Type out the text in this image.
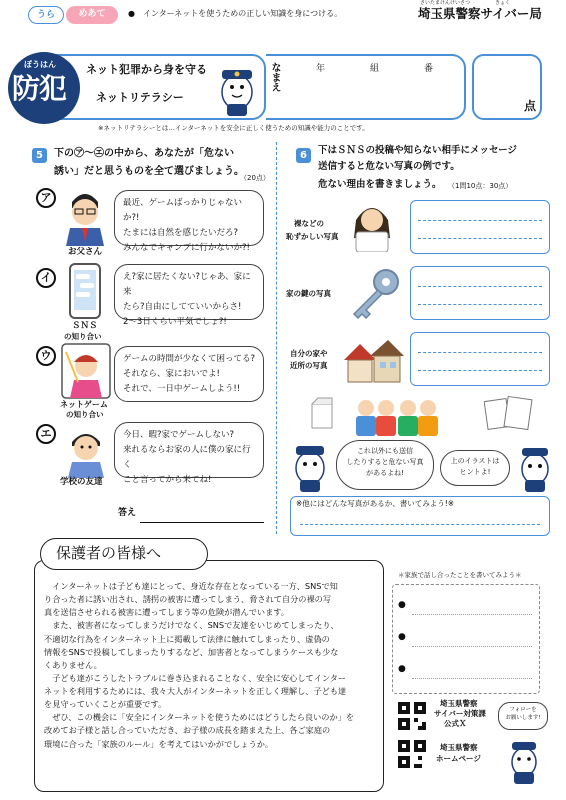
うら	めあて	●　インターネットを使うための正しい知識を身につける。
さいたまけんけいさつ　　　　　きょく
埼玉県警察サイバー局
ぼうはん
防犯
ネット犯罪から身を守る
ネットリテラシー
なまえ	年	組	番
点
※ネットリテラシーとは…インターネットを安全に正しく使うための知識や能力のことです。
5	下の㋐～㋓の中から、あなたが「危ない
誘い」だと思うものを全て選びましょう。
（20点）
ア
お父さん
最近、ゲームばっかりじゃないか?!
たまには自然を感じたいだろ?
みんなでキャンプに行かないか?!
イ
ＳＮＳ
の知り合い
え?家に居たくない?じゃあ、家に来
たら?自由にしてていいからさ!
2～3日くらい平気でしょ?!
ウ
ネットゲーム
の知り合い
ゲームの時間が少なくて困ってる?
それなら、家においでよ!
それで、一日中ゲームしよう!!
エ
学校の友達
今日、暇?家でゲームしない?
来れるならお家の人に僕の家に行く
こと言ってから来てね!
答え
6	下はＳＮＳの投稿や知らない相手にメッセージ
送信すると危ない写真の例です。
危ない理由を書きましょう。 （1問10点：30点）
裸などの
恥ずかしい写真
家の鍵の写真
自分の家や
近所の写真
これ以外にも送信
したりすると危ない写真
があるよね!
上のイラストは
ヒントよ!
※他にはどんな写真があるか、書いてみよう!※
保護者の皆様へ
インターネットは子ども達にとって、身近な存在となっている一方、SNSで知
り合った者に誘い出され、誘拐の被害に遭ってしまう、脅されて自分の裸の写
真を送信させられる被害に遭ってしまう等の危険が潜んでいます。
また、被害者になってしまうだけでなく、SNSで友達をいじめてしまったり、
不適切な行為をインターネット上に掲載して法律に触れてしまったり、虚偽の
情報をSNSで投稿してしまったりするなど、加害者となってしまうケースも少な
くありません。
子ども達がこうしたトラブルに巻き込まれることなく、安全に安心してインター
ネットを利用するためには、我々大人がインターネットを正しく理解し、子ども達
を見守っていくことが重要です。
ぜひ、この機会に「安全にインターネットを使うためにはどうしたら良いのか」を
改めてお子様と話し合っていただき、お子様の成長を踏まえた上、各ご家庭の
環境に合った「家族のルール」を考えてはいかがでしょうか。
＊家族で話し合ったことを書いてみよう＊
●
●
●
埼玉県警察
サイバー対策課
公式Ｘ
フォローを
お願いします!
埼玉県警察
ホームページ
